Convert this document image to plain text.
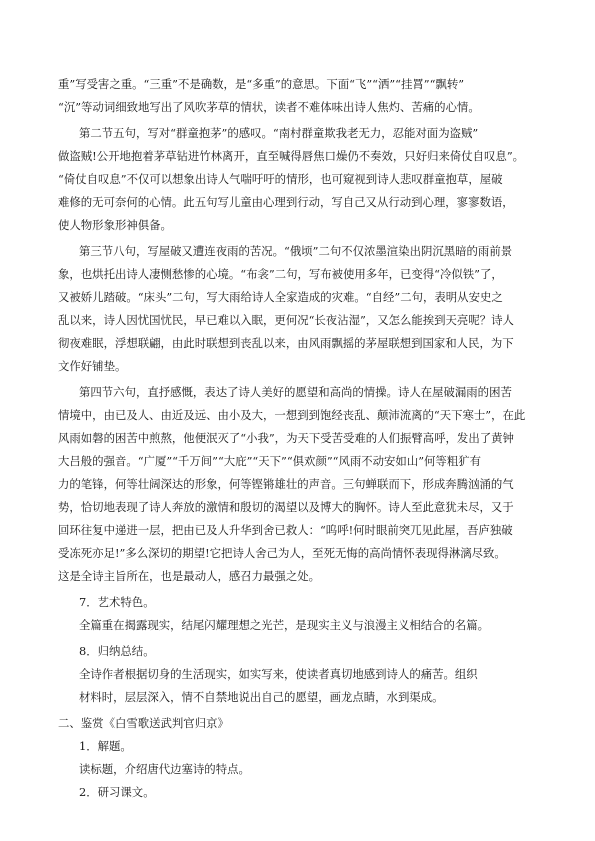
重”写受害之重。“三重”不是确数，是“多重”的意思。下面“飞”“洒”“挂罥”“飘转”

“沉”等动词细致地写出了风吹茅草的情状，读者不难体味出诗人焦灼、苦痛的心情。

第二节五句，写对“群童抱茅”的感叹。“南村群童欺我老无力，忍能对面为盗贼”

做盗贼!公开地抱着茅草钻进竹林离开，直至喊得唇焦口燥仍不奏效，只好归来倚仗自叹息”。

“倚仗自叹息”不仅可以想象出诗人气喘吁吁的情形，也可窥视到诗人悲叹群童抱草，屋破

难修的无可奈何的心情。此五句写儿童由心理到行动，写自己又从行动到心理，寥寥数语，

使人物形象形神俱备。

第三节八句，写屋破又遭连夜雨的苦况。“俄顷”二句不仅浓墨渲染出阴沉黑暗的雨前景

象，也烘托出诗人凄恻愁惨的心境。“布衾”二句，写布被使用多年，已变得“冷似铁”了，

又被娇儿踏破。“床头”二句，写大雨给诗人全家造成的灾难。“自经”二句，表明从安史之

乱以来，诗人因忧国忧民，早已难以入眠，更何况“长夜沾湿”，又怎么能挨到天亮呢？诗人

彻夜难眠，浮想联翩，由此时联想到丧乱以来，由风雨飘摇的茅屋联想到国家和人民，为下

文作好铺垫。

第四节六句，直抒感慨，表达了诗人美好的愿望和高尚的情操。诗人在屋破漏雨的困苦

情境中，由已及人、由近及远、由小及大，一想到到饱经丧乱、颠沛流离的“天下寒士”，在此

风雨如磐的困苦中煎熬，他便泯灭了“小我”，为天下受苦受难的人们振臂高呼，发出了黄钟

大吕般的强音。“广厦”“千万间”“大庇”“天下”“俱欢颜”“风雨不动安如山”何等粗犷有

力的笔锋，何等壮阔深达的形象，何等铿锵雄壮的声音。三句蝉联而下，形成奔腾汹涌的气

势，恰切地表现了诗人奔放的激情和殷切的渴望以及博大的胸怀。诗人至此意犹未尽，又于

回环往复中递进一层，把由已及人升华到舍已救人：“呜呼!何时眼前突兀见此屋，吾庐独破

受冻死亦足!”多么深切的期望!它把诗人舍己为人，至死无悔的高尚情怀表现得淋漓尽致。

这是全诗主旨所在，也是最动人，感召力最强之处。

7．艺术特色。

全篇重在揭露现实，结尾闪耀理想之光芒，是现实主义与浪漫主义相结合的名篇。

8．归纳总结。

全诗作者根据切身的生活现实，如实写来，使读者真切地感到诗人的痛苦。组织

材料时，层层深入，情不自禁地说出自己的愿望，画龙点睛，水到渠成。

二、鉴赏《白雪歌送武判官归京》

1．解题。

读标题，介绍唐代边塞诗的特点。

2．研习课文。
